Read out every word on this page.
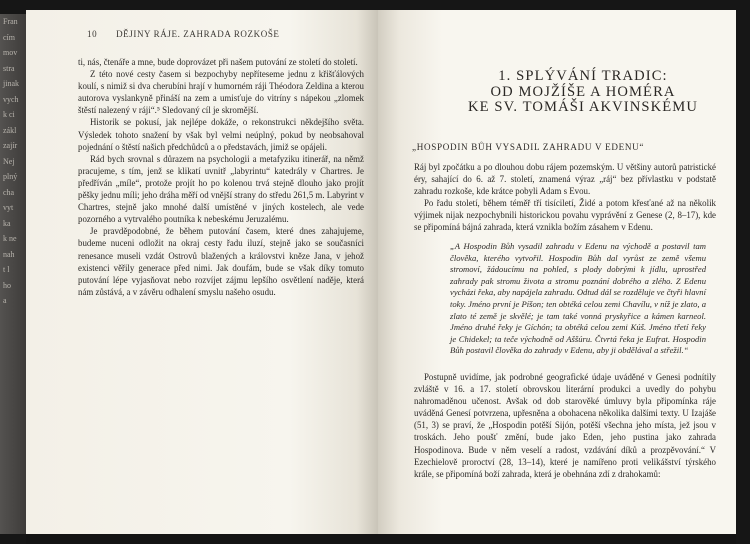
Fran
cím
mov
stra
jinak
vych
k ci
zákl
zajír
Nej
plný
cha
vyt
ka
k ne
nah
t l
ho
a
10 DĚJINY RÁJE. ZAHRADA ROZKOŠE

ti, nás, čtenáře a mne, bude doprovázet při našem putování ze století do století.

Z této nové cesty časem si bezpochyby nepříteseme jednu z křišťálových koulí, s nimiž si dva cherubíni hrají v humorném ráji Théodora Zeldina a kterou autorova vyslankyně přináší na zem a umisťuje do vitríny s nápekou „zlomek štěstí nalezený v ráji“.⁵ Sledovaný cíl je skromější.

Historik se pokusí, jak nejlépe dokáže, o rekonstrukci někdejšího světa. Výsledek tohoto snažení by však byl velmi neúplný, pokud by neobsahoval pojednání o štěstí našich předchůdců a o představách, jimiž se opájeli.

Rád bych srovnal s důrazem na psychologii a metafyziku itinerář, na němž pracujeme, s tím, jenž se klikatí uvnitř „labyrintu“ katedrály v Chartres. Je předříván „míle“, protože projít ho po kolenou trvá stejně dlouho jako projít pěšky jednu míli; jeho dráha měří od vnější strany do středu 261,5 m. Labyrint v Chartres, stejně jako mnohé další umístěné v jiných kostelech, ale vede pozorného a vytrvalého poutníka k nebeskému Jeruzalému.

Je pravděpodobné, že během putování časem, které dnes zahajujeme, budeme nuceni odložit na okraj cesty řadu iluzí, stejně jako se současníci renesance museli vzdát Ostrovů blažených a královstvi kněze Jana, v jehož existenci věřily generace před nimi. Jak doufám, bude se však díky tomuto putování lépe vyjasňovat nebo rozvíjet zájmu lepšího osvětlení naděje, která nám zůstává, a v závěru odhalení smyslu našeho osudu.

1. SPLÝVÁNÍ TRADIC:
OD MOJŽÍŠE A HOMÉRA
KE SV. TOMÁŠI AKVINSKÉMU
„HOSPODIN BŮH VYSADIL ZAHRADU V EDENU“

Ráj byl zpočátku a po dlouhou dobu rájem pozemským. U většiny autorů patristické éry, sahající do 6. až 7. století, znamená výraz „ráj“ bez přívlastku v podstatě zahradu rozkoše, kde krátce pobyli Adam s Evou.

Po řadu století, během téměř tří tisíciletí, Židé a potom křesťané až na několik výjimek nijak nezpochybnili historickou povahu vyprávění z Genese (2, 8–17), kde se připomíná bájná zahrada, která vznikla božím zásahem v Edenu.

„A Hospodin Bůh vysadil zahradu v Edenu na východě a postavil tam člověka, kterého vytvořil. Hospodin Bůh dal vyrůst ze země všemu stromoví, žádoucímu na pohled, s plody dobrými k jídlu, uprostřed zahrady pak stromu života a stromu poznání dobrého a zlého. Z Edenu vycházi řeka, aby napájela zahradu. Odtud dál se rozděluje ve čtyři hlavní toky. Jméno první je Píšon; ten obtéká celou zemi Chavílu, v níž je zlato, a zlato té země je skvělé; je tam také vonná pryskyřice a kámen karneol. Jméno druhé řeky je Gíchón; ta obtéká celou zemi Kúš. Jméno třetí řeky je Chidekel; ta teče východně od Aššúru. Čtvrtá řeka je Eufrat. Hospodin Bůh postavil člověka do zahrady v Edenu, aby ji obdělával a střežil.“

Postupně uvidíme, jak podrobné geografické údaje uváděné v Genesi podnítily zvláště v 16. a 17. století obrovskou literární produkci a uvedly do pohybu nahromaděnou učenost. Avšak od dob starověké úmluvy byla připomínka ráje uváděná Genesí potvrzena, upřesněna a obohacena několika dalšími texty. U Izajáše (51, 3) se praví, že „Hospodin potěší Sijón, potěší všechna jeho místa, jež jsou v troskách. Jeho poušť změní, bude jako Eden, jeho pustina jako zahrada Hospodinova. Bude v něm veselí a radost, vzdávání díků a prozpěvování.“ V Ezechielově proroctví (28, 13–14), které je namířeno proti velikášství týrského krále, se připomíná boží zahrada, která je obehnána zdí z drahokamů:
